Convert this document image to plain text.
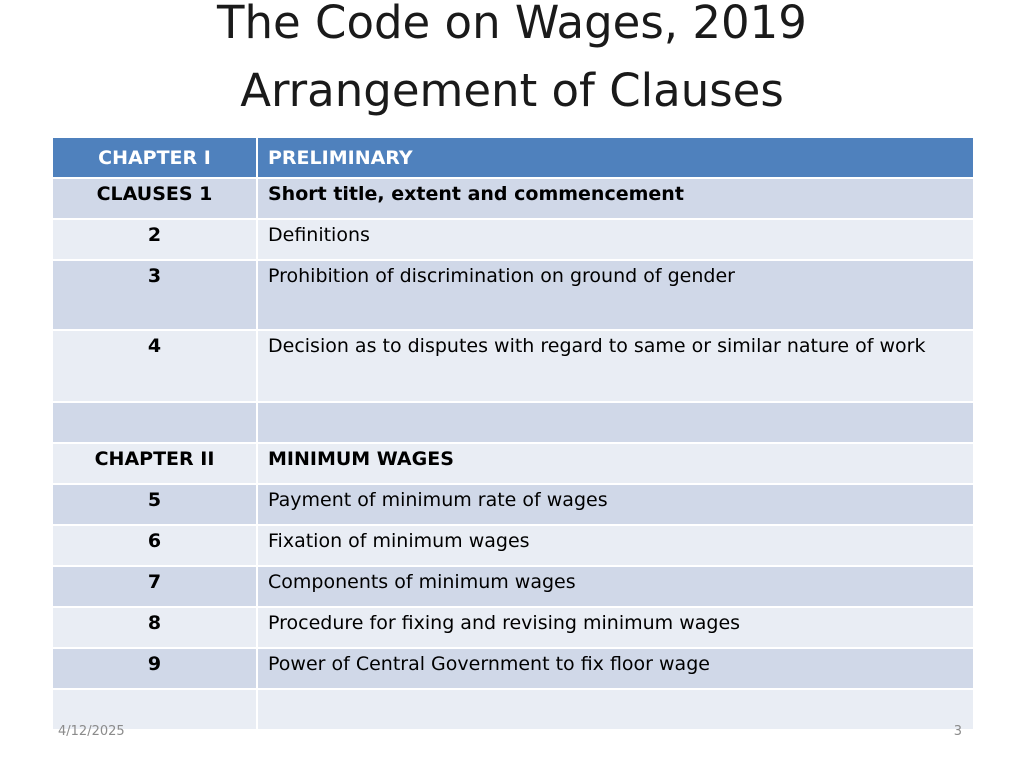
The Code on Wages, 2019
Arrangement of Clauses
CHAPTER I	PRELIMINARY
CLAUSES 1	Short title, extent and commencement
2	Definitions
3	Prohibition of discrimination on ground of gender
4	Decision as to disputes with regard to same or similar nature of work

CHAPTER II	MINIMUM WAGES
5	Payment of minimum rate of wages
6	Fixation of minimum wages
7	Components of minimum wages
8	Procedure for fixing and revising minimum wages
9	Power of Central Government to fix floor wage

4/12/2025	3
